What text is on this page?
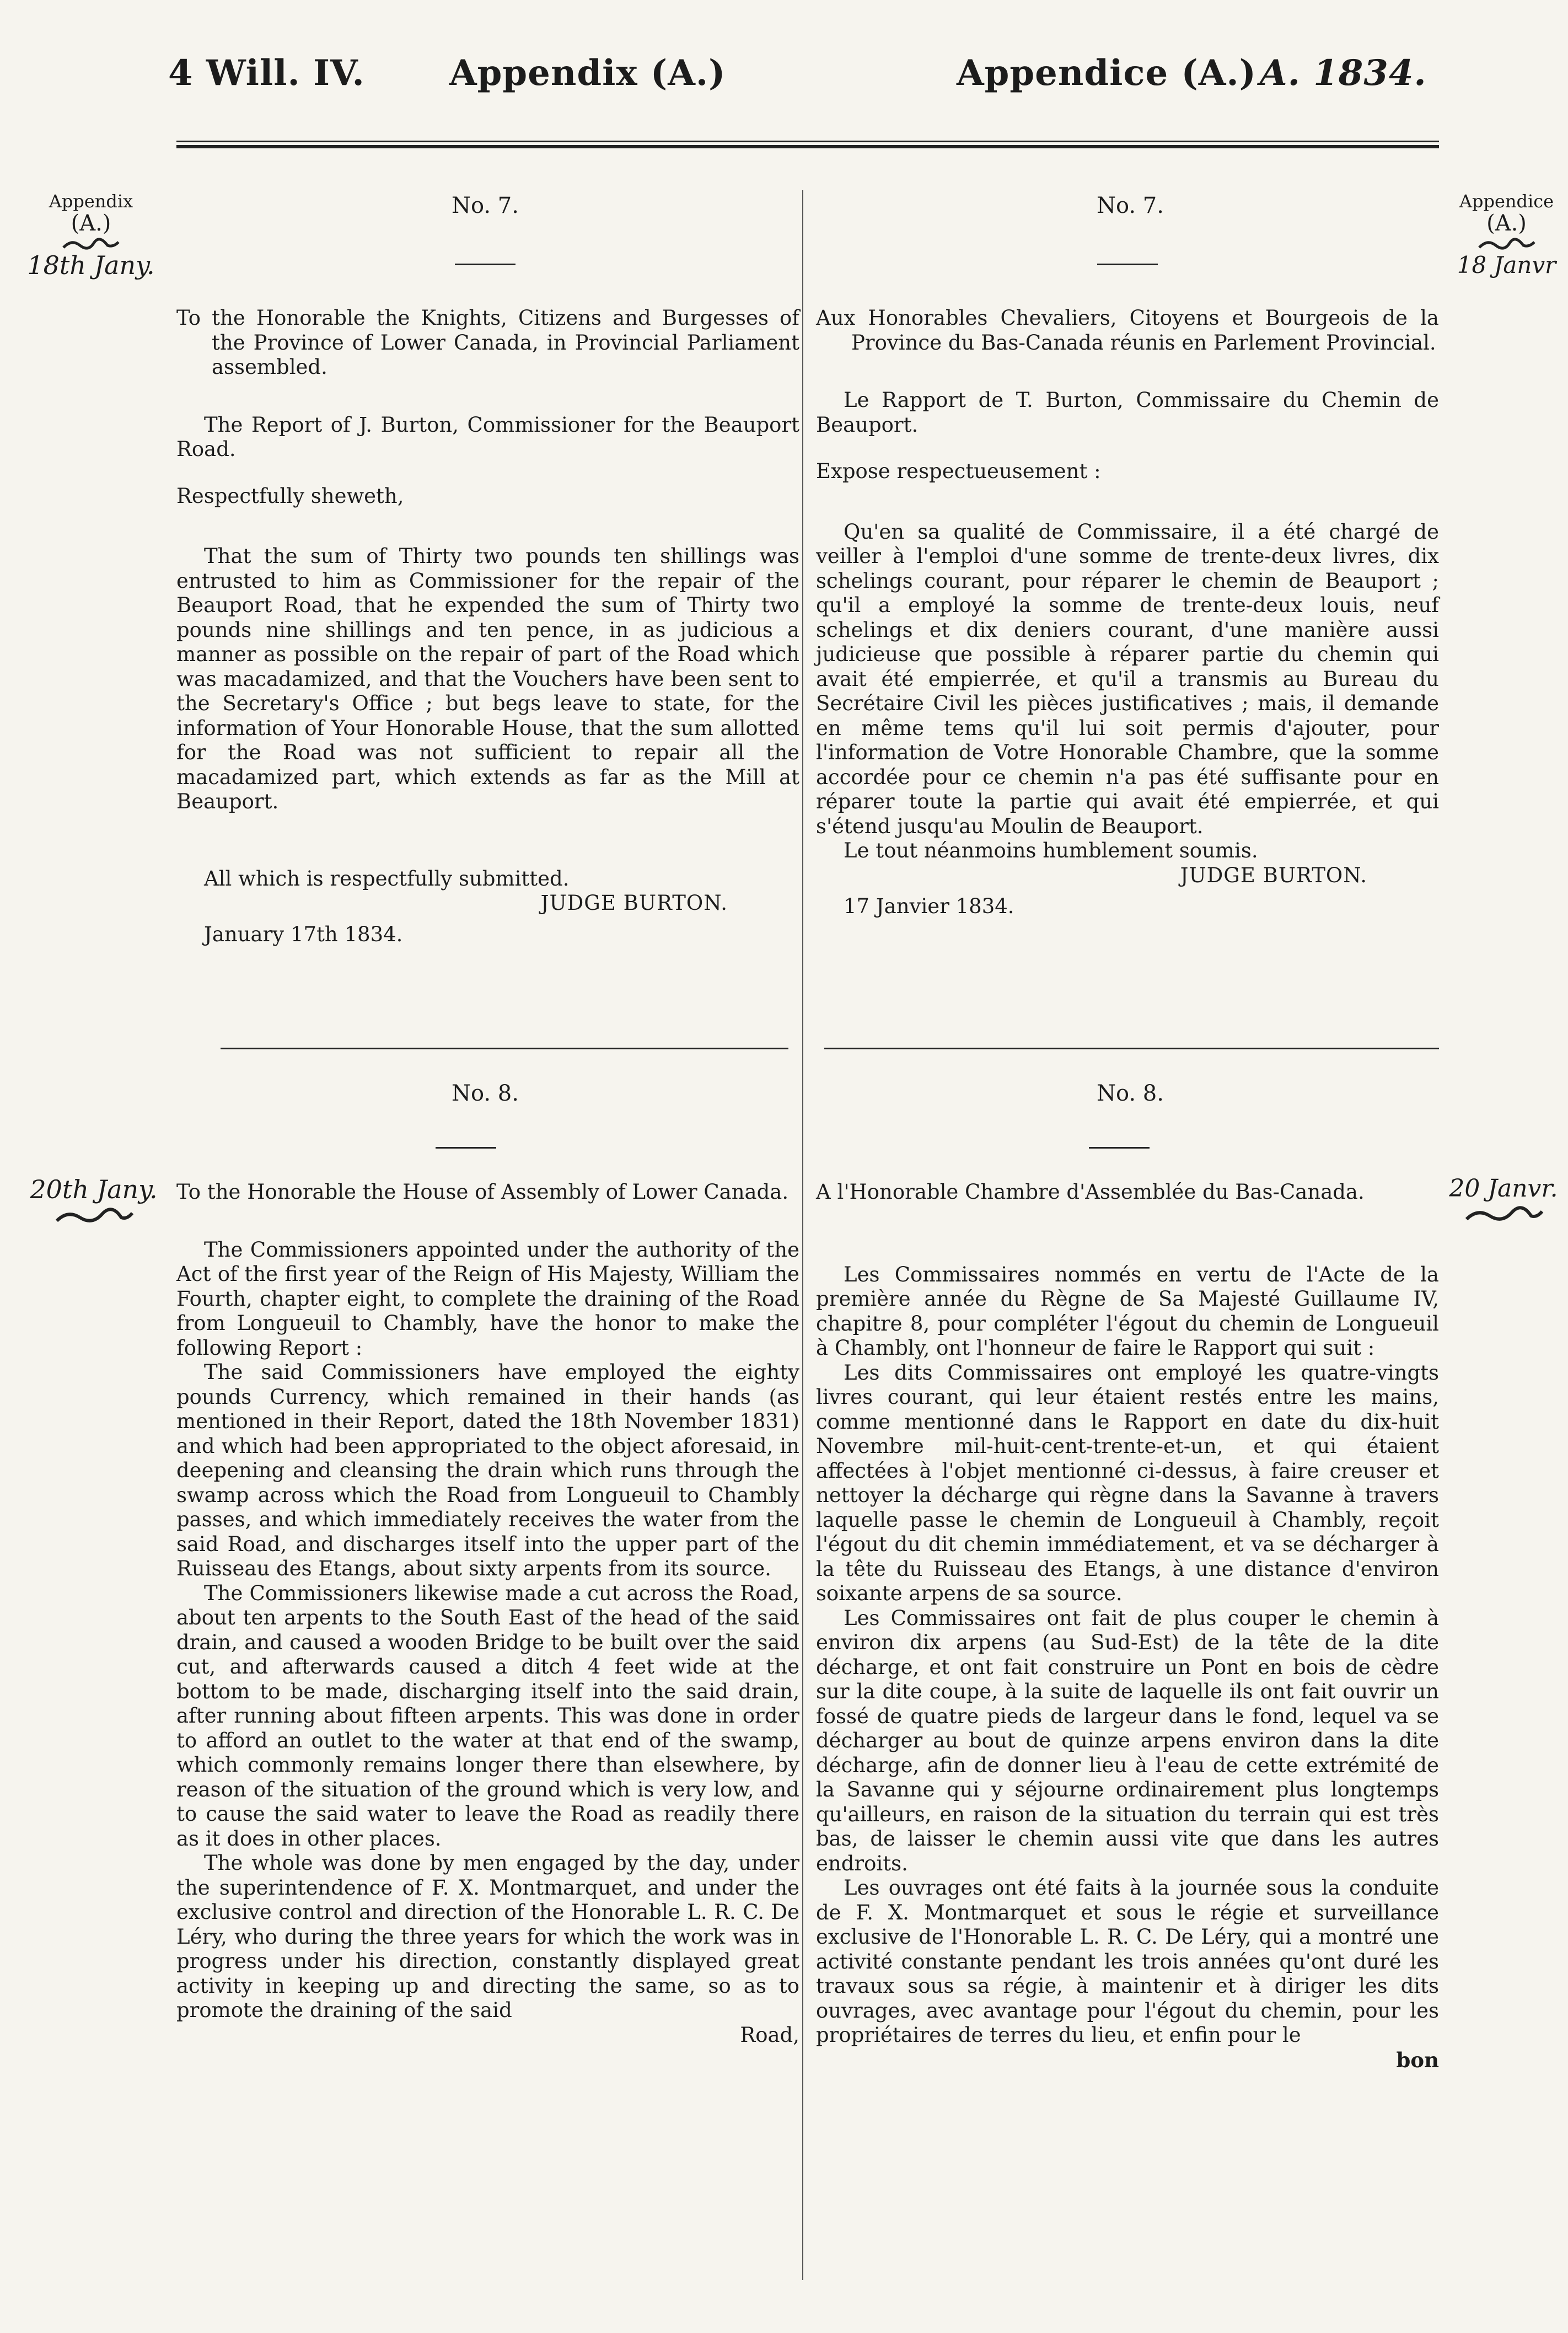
4 Will. IV. Appendix (A.)	Appendice (A.) A. 1834.
Appendix
(A.)
18th Jany.
Appendice
(A.)
18 Janvr
20th Jany.	20 Janvr.
No. 7.

To the Honorable the Knights, Citizens and Burgesses of the Province of Lower Canada, in Provincial Parliament assembled.

The Report of J. Burton, Commissioner for the Beauport Road.

Respectfully sheweth,

That the sum of Thirty two pounds ten shillings was entrusted to him as Commissioner for the repair of the Beauport Road, that he expended the sum of Thirty two pounds nine shillings and ten pence, in as judicious a manner as possible on the repair of part of the Road which was macadamized, and that the Vouchers have been sent to the Secretary's Office ; but begs leave to state, for the information of Your Honorable House, that the sum allotted for the Road was not sufficient to repair all the macadamized part, which extends as far as the Mill at Beauport.

All which is respectfully submitted.

JUDGE BURTON.

January 17th 1834.

No. 7.

Aux Honorables Chevaliers, Citoyens et Bourgeois de la Province du Bas-Canada réunis en Parlement Provincial.

Le Rapport de T. Burton, Commissaire du Chemin de Beauport.

Expose respectueusement :

Qu'en sa qualité de Commissaire, il a été chargé de veiller à l'emploi d'une somme de trente-deux livres, dix schelings courant, pour réparer le chemin de Beauport ; qu'il a employé la somme de trente-deux louis, neuf schelings et dix deniers courant, d'une manière aussi judicieuse que possible à réparer partie du chemin qui avait été empierrée, et qu'il a transmis au Bureau du Secrétaire Civil les pièces justificatives ; mais, il demande en même tems qu'il lui soit permis d'ajouter, pour l'information de Votre Honorable Chambre, que la somme accordée pour ce chemin n'a pas été suffisante pour en réparer toute la partie qui avait été empierrée, et qui s'étend jusqu'au Moulin de Beauport.

Le tout néanmoins humblement soumis.

JUDGE BURTON.

17 Janvier 1834.

No. 8.

To the Honorable the House of Assembly of Lower Canada.

The Commissioners appointed under the authority of the Act of the first year of the Reign of His Majesty, William the Fourth, chapter eight, to complete the draining of the Road from Longueuil to Chambly, have the honor to make the following Report :

The said Commissioners have employed the eighty pounds Currency, which remained in their hands (as mentioned in their Report, dated the 18th November 1831) and which had been appropriated to the object aforesaid, in deepening and cleansing the drain which runs through the swamp across which the Road from Longueuil to Chambly passes, and which immediately receives the water from the said Road, and discharges itself into the upper part of the Ruisseau des Etangs, about sixty arpents from its source.

The Commissioners likewise made a cut across the Road, about ten arpents to the South East of the head of the said drain, and caused a wooden Bridge to be built over the said cut, and afterwards caused a ditch 4 feet wide at the bottom to be made, discharging itself into the said drain, after running about fifteen arpents. This was done in order to afford an outlet to the water at that end of the swamp, which commonly remains longer there than elsewhere, by reason of the situation of the ground which is very low, and to cause the said water to leave the Road as readily there as it does in other places.

The whole was done by men engaged by the day, under the superintendence of F. X. Montmarquet, and under the exclusive control and direction of the Honorable L. R. C. De Léry, who during the three years for which the work was in progress under his direction, constantly displayed great activity in keeping up and directing the same, so as to promote the draining of the said

Road,

No. 8.

A l'Honorable Chambre d'Assemblée du Bas-Canada.

Les Commissaires nommés en vertu de l'Acte de la première année du Règne de Sa Majesté Guillaume IV, chapitre 8, pour compléter l'égout du chemin de Longueuil à Chambly, ont l'honneur de faire le Rapport qui suit :

Les dits Commissaires ont employé les quatre-vingts livres courant, qui leur étaient restés entre les mains, comme mentionné dans le Rapport en date du dix-huit Novembre mil-huit-cent-trente-et-un, et qui étaient affectées à l'objet mentionné ci-dessus, à faire creuser et nettoyer la décharge qui règne dans la Savanne à travers laquelle passe le chemin de Longueuil à Chambly, reçoit l'égout du dit chemin immédiatement, et va se décharger à la tête du Ruisseau des Etangs, à une distance d'environ soixante arpens de sa source.

Les Commissaires ont fait de plus couper le chemin à environ dix arpens (au Sud-Est) de la tête de la dite décharge, et ont fait construire un Pont en bois de cèdre sur la dite coupe, à la suite de laquelle ils ont fait ouvrir un fossé de quatre pieds de largeur dans le fond, lequel va se décharger au bout de quinze arpens environ dans la dite décharge, afin de donner lieu à l'eau de cette extrémité de la Savanne qui y séjourne ordinairement plus longtemps qu'ailleurs, en raison de la situation du terrain qui est très bas, de laisser le chemin aussi vite que dans les autres endroits.

Les ouvrages ont été faits à la journée sous la conduite de F. X. Montmarquet et sous le régie et surveillance exclusive de l'Honorable L. R. C. De Léry, qui a montré une activité constante pendant les trois années qu'ont duré les travaux sous sa régie, à maintenir et à diriger les dits ouvrages, avec avantage pour l'égout du chemin, pour les propriétaires de terres du lieu, et enfin pour le

bon
